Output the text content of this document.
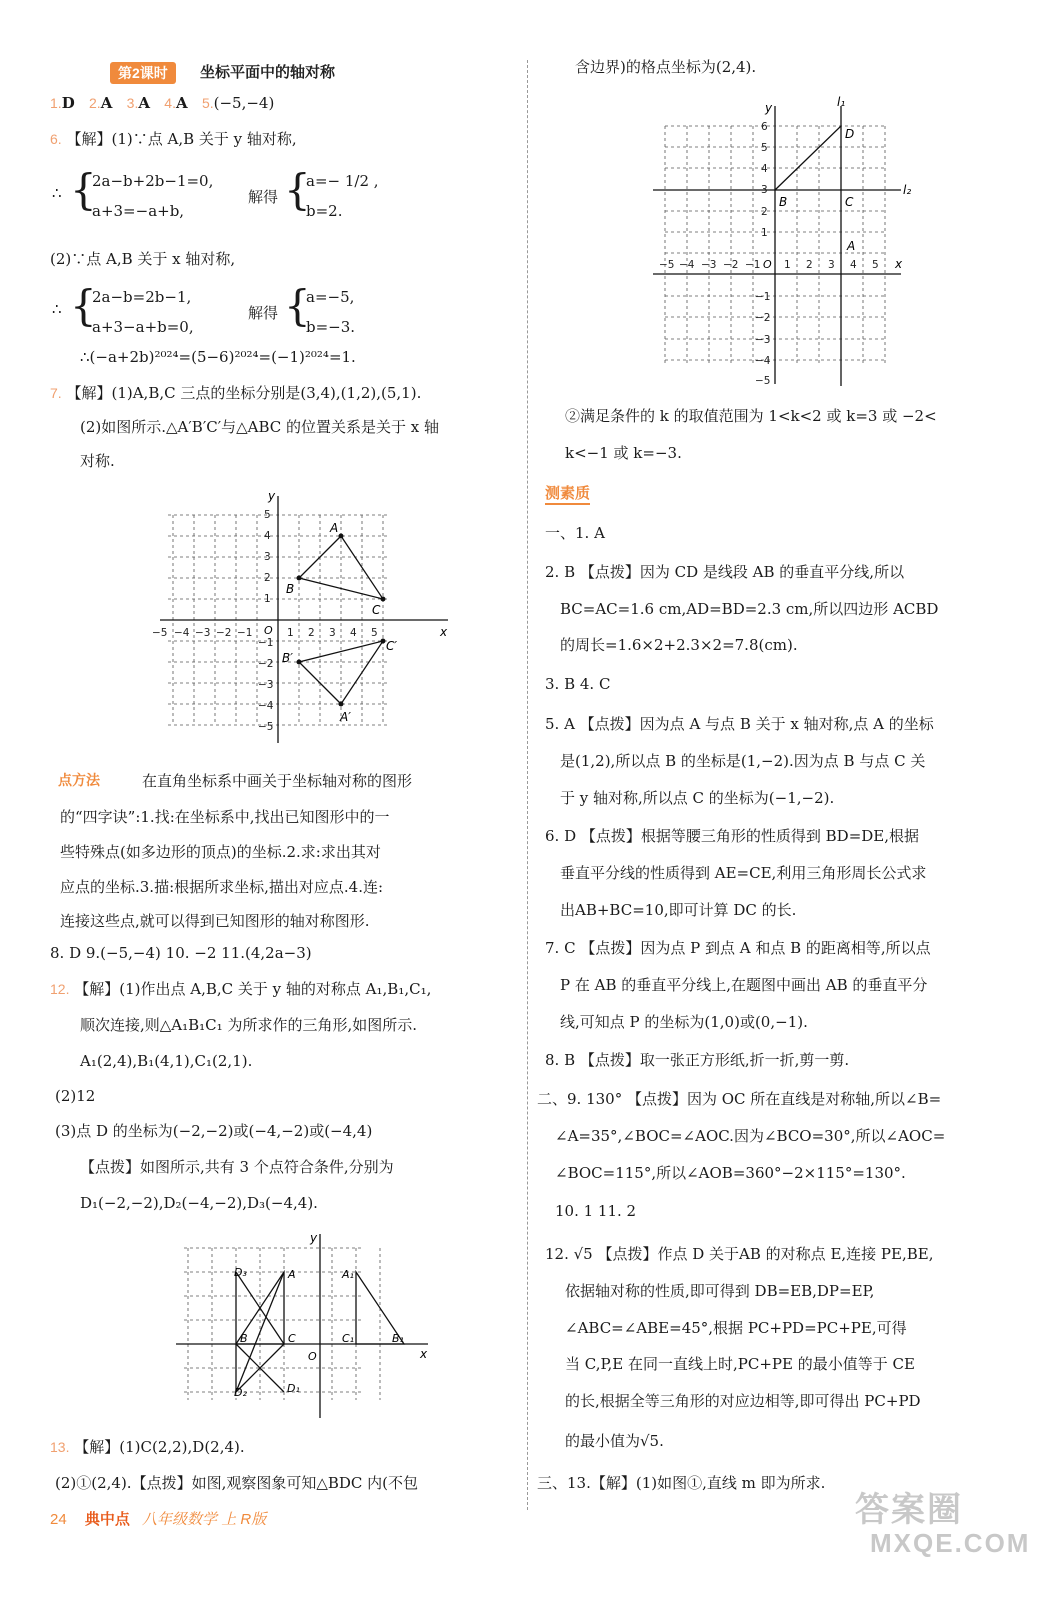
第2课时	坐标平面中的轴对称
1.D 2.A 3.A 4.A 5.(−5,−4)
6. 【解】(1)∵点 A,B 关于 y 轴对称,
∴ {
2a−b+2b−1=0,
a+3=−a+b,
解得 {
a=− 1/2 ,
b=2.
(2)∵点 A,B 关于 x 轴对称,
∴ {
2a−b=2b−1,
a+3−a+b=0,
解得 {
a=−5,
b=−3.
∴(−a+2b)²⁰²⁴=(5−6)²⁰²⁴=(−1)²⁰²⁴=1.
7. 【解】(1)A,B,C 三点的坐标分别是(3,4),(1,2),(5,1).
(2)如图所示.△A′B′C′与△ABC 的位置关系是关于 x 轴
对称.
x
y
O
−5 −4 −3 −2 −1	1 2 3 4 5
5
4
3
2
1
−1
−2
−3
−4
−5
A
B
C
A′
B′
C′
点方法	在直角坐标系中画关于坐标轴对称的图形
的“四字诀”:1.找:在坐标系中,找出已知图形中的一
些特殊点(如多边形的顶点)的坐标.2.求:求出其对
应点的坐标.3.描:根据所求坐标,描出对应点.4.连:
连接这些点,就可以得到已知图形的轴对称图形.
8. D 9.(−5,−4) 10. −2 11.(4,2a−3)
12. 【解】(1)作出点 A,B,C 关于 y 轴的对称点 A₁,B₁,C₁,
顺次连接,则△A₁B₁C₁ 为所求作的三角形,如图所示.
A₁(2,4),B₁(4,1),C₁(2,1).
(2)12
(3)点 D 的坐标为(−2,−2)或(−4,−2)或(−4,4)
【点拨】如图所示,共有 3 个点符合条件,分别为
D₁(−2,−2),D₂(−4,−2),D₃(−4,4).
x
y
O
A
B	C
A₁
B₁
C₁
D₁
D₂
D₃
13. 【解】(1)C(2,2),D(2,4).
(2)①(2,4).【点拨】如图,观察图象可知△BDC 内(不包
含边界)的格点坐标为(2,4).
x
y
O
l₁
l₂
−5 −4 −3 −2 −1 1 2 3 4 5
6
5
4
3
2
1
−1
−2
−3
−4
−5
D
B	C
A
②满足条件的 k 的取值范围为 1<k<2 或 k=3 或 −2<
k<−1 或 k=−3.
测素质
一、1. A
2. B 【点拨】因为 CD 是线段 AB 的垂直平分线,所以
BC=AC=1.6 cm,AD=BD=2.3 cm,所以四边形 ACBD
的周长=1.6×2+2.3×2=7.8(cm).
3. B 4. C
5. A 【点拨】因为点 A 与点 B 关于 x 轴对称,点 A 的坐标
是(1,2),所以点 B 的坐标是(1,−2).因为点 B 与点 C 关
于 y 轴对称,所以点 C 的坐标为(−1,−2).
6. D 【点拨】根据等腰三角形的性质得到 BD=DE,根据
垂直平分线的性质得到 AE=CE,利用三角形周长公式求
出AB+BC=10,即可计算 DC 的长.
7. C 【点拨】因为点 P 到点 A 和点 B 的距离相等,所以点
P 在 AB 的垂直平分线上,在题图中画出 AB 的垂直平分
线,可知点 P 的坐标为(1,0)或(0,−1).
8. B 【点拨】取一张正方形纸,折一折,剪一剪.
二、9. 130° 【点拨】因为 OC 所在直线是对称轴,所以∠B=
∠A=35°,∠BOC=∠AOC.因为∠BCO=30°,所以∠AOC=
∠BOC=115°,所以∠AOB=360°−2×115°=130°.
10. 1 11. 2
12. √5 【点拨】作点 D 关于AB 的对称点 E,连接 PE,BE,
依据轴对称的性质,即可得到 DB=EB,DP=EP,
∠ABC=∠ABE=45°,根据 PC+PD=PC+PE,可得
当 C,P,E 在同一直线上时,PC+PE 的最小值等于 CE
的长,根据全等三角形的对应边相等,即可得出 PC+PD
的最小值为√5.
三、13.【解】(1)如图①,直线 m 即为所求.
24 典中点 八年级数学 上 R版	答案圈
MXQE.COM
